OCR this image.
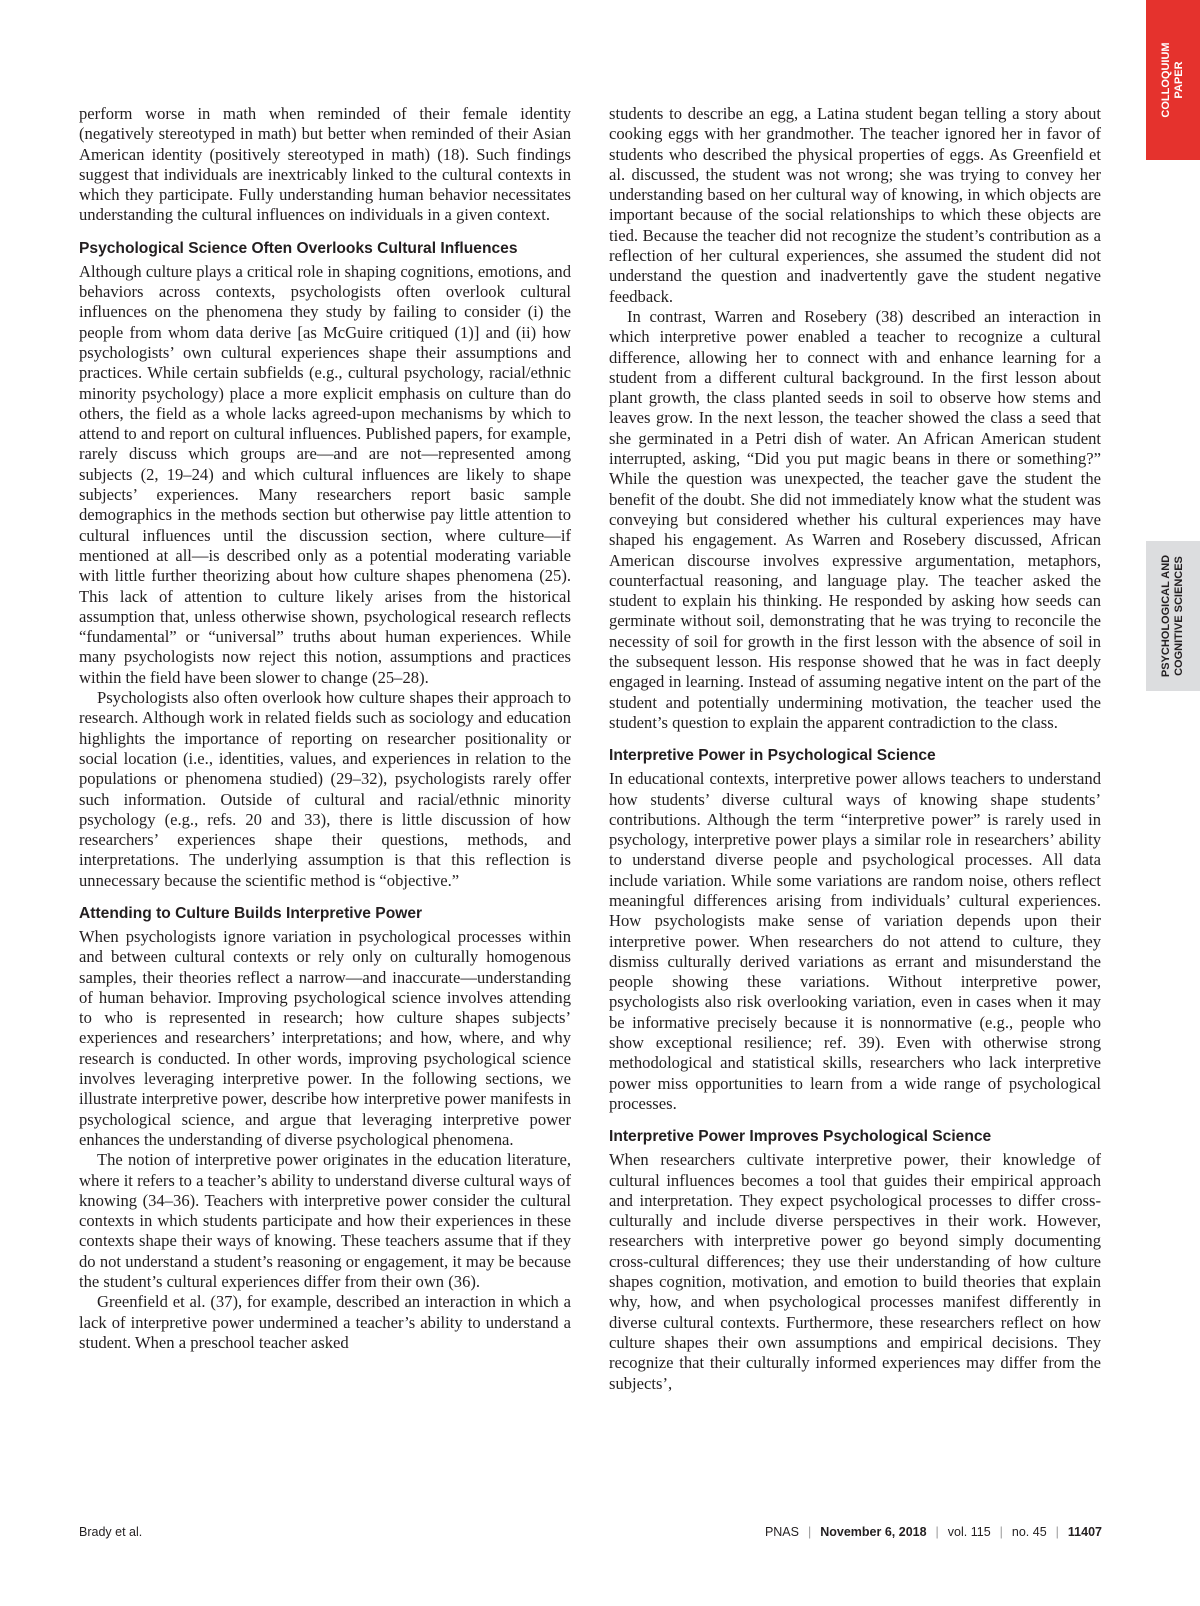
COLLOQUIUM
PAPER
PSYCHOLOGICAL AND
COGNITIVE SCIENCES

perform worse in math when reminded of their female identity (negatively stereotyped in math) but better when reminded of their Asian American identity (positively stereotyped in math) (18). Such findings suggest that individuals are inextricably linked to the cultural contexts in which they participate. Fully understanding human behavior necessitates understanding the cultural influences on individuals in a given context.

Psychological Science Often Overlooks Cultural Influences

Although culture plays a critical role in shaping cognitions, emotions, and behaviors across contexts, psychologists often overlook cultural influences on the phenomena they study by failing to consider (i) the people from whom data derive [as McGuire critiqued (1)] and (ii) how psychologists’ own cultural experiences shape their assumptions and practices. While certain subfields (e.g., cultural psychology, racial/ethnic minority psychology) place a more explicit emphasis on culture than do others, the field as a whole lacks agreed-upon mechanisms by which to attend to and report on cultural influences. Published papers, for example, rarely discuss which groups are—and are not—represented among subjects (2, 19–24) and which cultural influences are likely to shape subjects’ experiences. Many researchers report basic sample demographics in the methods section but otherwise pay little attention to cultural influences until the discussion section, where culture—if mentioned at all—is described only as a potential moderating variable with little further theorizing about how culture shapes phenomena (25). This lack of attention to culture likely arises from the historical assumption that, unless otherwise shown, psychological research reflects “fundamental” or “universal” truths about human experiences. While many psychologists now reject this notion, assumptions and practices within the field have been slower to change (25–28).

Psychologists also often overlook how culture shapes their approach to research. Although work in related fields such as sociology and education highlights the importance of reporting on researcher positionality or social location (i.e., identities, values, and experiences in relation to the populations or phenomena studied) (29–32), psychologists rarely offer such information. Outside of cultural and racial/ethnic minority psychology (e.g., refs. 20 and 33), there is little discussion of how researchers’ experiences shape their questions, methods, and interpretations. The underlying assumption is that this reflection is unnecessary because the scientific method is “objective.”

Attending to Culture Builds Interpretive Power

When psychologists ignore variation in psychological processes within and between cultural contexts or rely only on culturally homogenous samples, their theories reflect a narrow—and inaccurate—understanding of human behavior. Improving psychological science involves attending to who is represented in research; how culture shapes subjects’ experiences and researchers’ interpretations; and how, where, and why research is conducted. In other words, improving psychological science involves leveraging interpretive power. In the following sections, we illustrate interpretive power, describe how interpretive power manifests in psychological science, and argue that leveraging interpretive power enhances the understanding of diverse psychological phenomena.

The notion of interpretive power originates in the education literature, where it refers to a teacher’s ability to understand diverse cultural ways of knowing (34–36). Teachers with interpretive power consider the cultural contexts in which students participate and how their experiences in these contexts shape their ways of knowing. These teachers assume that if they do not understand a student’s reasoning or engagement, it may be because the student’s cultural experiences differ from their own (36).

Greenfield et al. (37), for example, described an interaction in which a lack of interpretive power undermined a teacher’s ability to understand a student. When a preschool teacher asked

students to describe an egg, a Latina student began telling a story about cooking eggs with her grandmother. The teacher ignored her in favor of students who described the physical properties of eggs. As Greenfield et al. discussed, the student was not wrong; she was trying to convey her understanding based on her cultural way of knowing, in which objects are important because of the social relationships to which these objects are tied. Because the teacher did not recognize the student’s contribution as a reflection of her cultural experiences, she assumed the student did not understand the question and inadvertently gave the student negative feedback.

In contrast, Warren and Rosebery (38) described an interaction in which interpretive power enabled a teacher to recognize a cultural difference, allowing her to connect with and enhance learning for a student from a different cultural background. In the first lesson about plant growth, the class planted seeds in soil to observe how stems and leaves grow. In the next lesson, the teacher showed the class a seed that she germinated in a Petri dish of water. An African American student interrupted, asking, “Did you put magic beans in there or something?” While the question was unexpected, the teacher gave the student the benefit of the doubt. She did not immediately know what the student was conveying but considered whether his cultural experiences may have shaped his engagement. As Warren and Rosebery discussed, African American discourse involves expressive argumentation, metaphors, counterfactual reasoning, and language play. The teacher asked the student to explain his thinking. He responded by asking how seeds can germinate without soil, demonstrating that he was trying to reconcile the necessity of soil for growth in the first lesson with the absence of soil in the subsequent lesson. His response showed that he was in fact deeply engaged in learning. Instead of assuming negative intent on the part of the student and potentially undermining motivation, the teacher used the student’s question to explain the apparent contradiction to the class.

Interpretive Power in Psychological Science

In educational contexts, interpretive power allows teachers to understand how students’ diverse cultural ways of knowing shape students’ contributions. Although the term “interpretive power” is rarely used in psychology, interpretive power plays a similar role in researchers’ ability to understand diverse people and psychological processes. All data include variation. While some variations are random noise, others reflect meaningful differences arising from individuals’ cultural experiences. How psychologists make sense of variation depends upon their interpretive power. When researchers do not attend to culture, they dismiss culturally derived variations as errant and misunderstand the people showing these variations. Without interpretive power, psychologists also risk overlooking variation, even in cases when it may be informative precisely because it is nonnormative (e.g., people who show exceptional resilience; ref. 39). Even with otherwise strong methodological and statistical skills, researchers who lack interpretive power miss opportunities to learn from a wide range of psychological processes.

Interpretive Power Improves Psychological Science

When researchers cultivate interpretive power, their knowledge of cultural influences becomes a tool that guides their empirical approach and interpretation. They expect psychological processes to differ cross-culturally and include diverse perspectives in their work. However, researchers with interpretive power go beyond simply documenting cross-cultural differences; they use their understanding of how culture shapes cognition, motivation, and emotion to build theories that explain why, how, and when psychological processes manifest differently in diverse cultural contexts. Furthermore, these researchers reflect on how culture shapes their own assumptions and empirical decisions. They recognize that their culturally informed experiences may differ from the subjects’,

Brady et al.	PNAS | November 6, 2018 | vol. 115 | no. 45 | 11407
